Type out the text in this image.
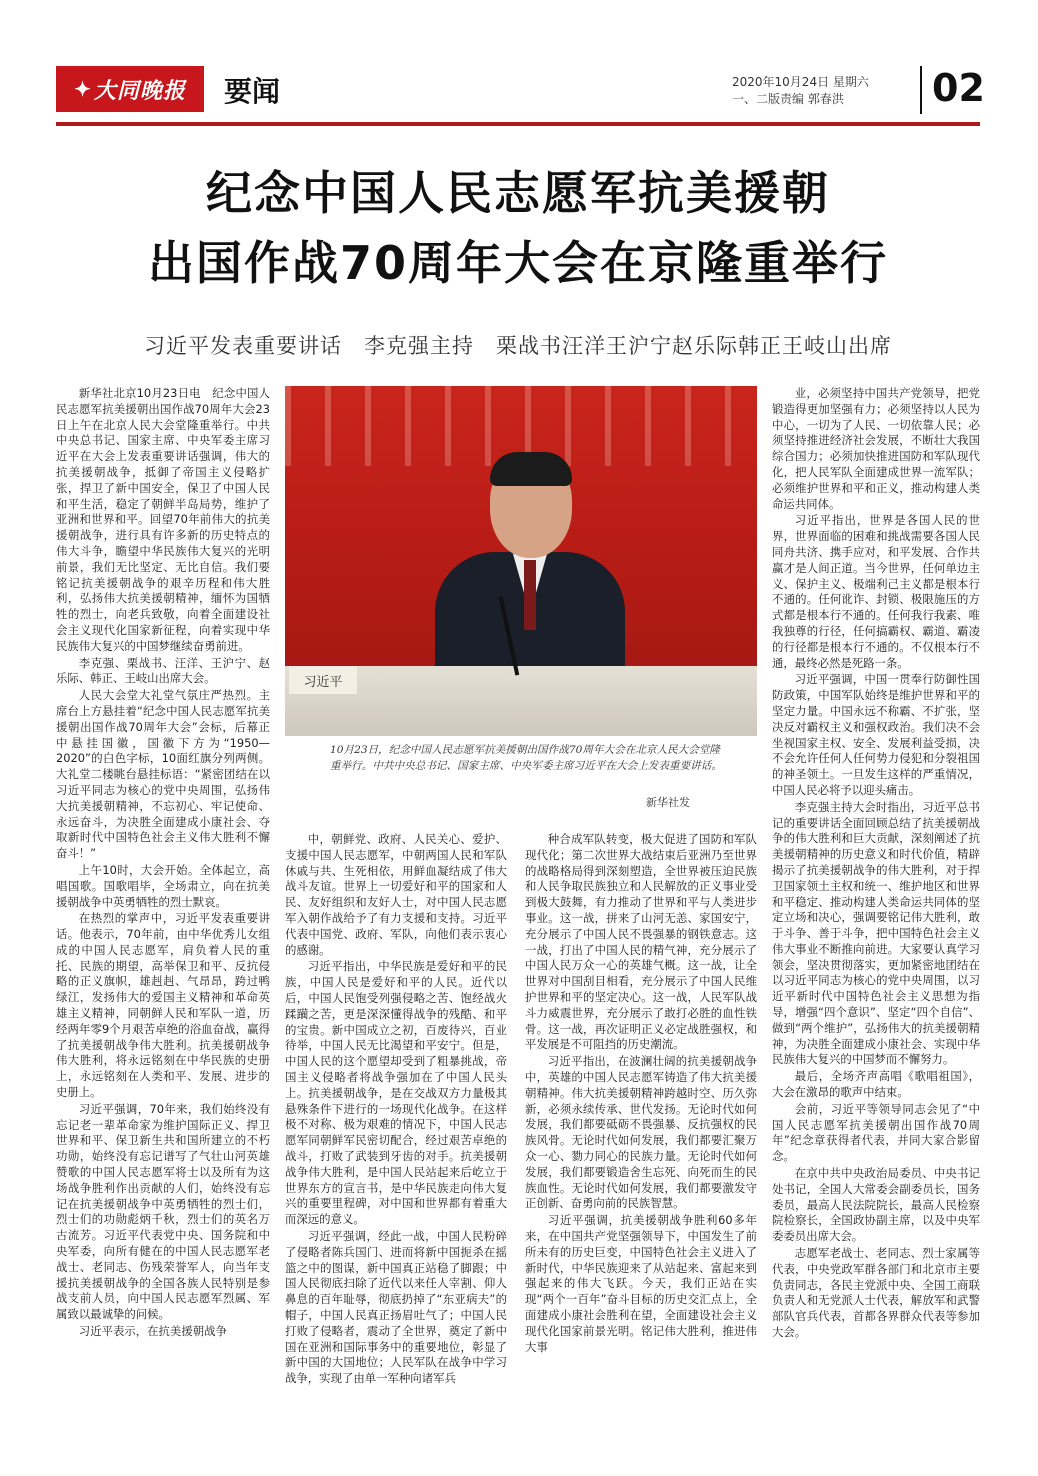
✦ 大同晚报 要闻	2020年10月24日 星期六
一、二版责编 郭春洪	02
纪念中国人民志愿军抗美援朝
出国作战70周年大会在京隆重举行
习近平发表重要讲话　李克强主持　栗战书汪洋王沪宁赵乐际韩正王岐山出席

新华社北京10月23日电　纪念中国人民志愿军抗美援朝出国作战70周年大会23日上午在北京人民大会堂隆重举行。中共中央总书记、国家主席、中央军委主席习近平在大会上发表重要讲话强调，伟大的抗美援朝战争，抵御了帝国主义侵略扩张，捍卫了新中国安全，保卫了中国人民和平生活，稳定了朝鲜半岛局势，维护了亚洲和世界和平。回望70年前伟大的抗美援朝战争，进行具有许多新的历史特点的伟大斗争，瞻望中华民族伟大复兴的光明前景，我们无比坚定、无比自信。我们要铭记抗美援朝战争的艰辛历程和伟大胜利，弘扬伟大抗美援朝精神，缅怀为国牺牲的烈士，向老兵致敬，向着全面建设社会主义现代化国家新征程，向着实现中华民族伟大复兴的中国梦继续奋勇前进。

李克强、栗战书、汪洋、王沪宁、赵乐际、韩正、王岐山出席大会。

人民大会堂大礼堂气氛庄严热烈。主席台上方悬挂着“纪念中国人民志愿军抗美援朝出国作战70周年大会”会标，后幕正中悬挂国徽，国徽下方为“1950—2020”的白色字标，10面红旗分列两侧。大礼堂二楼眺台悬挂标语：“紧密团结在以习近平同志为核心的党中央周围，弘扬伟大抗美援朝精神，不忘初心、牢记使命、永远奋斗，为决胜全面建成小康社会、夺取新时代中国特色社会主义伟大胜利不懈奋斗！”

上午10时，大会开始。全体起立，高唱国歌。国歌唱毕，全场肃立，向在抗美援朝战争中英勇牺牲的烈士默哀。

在热烈的掌声中，习近平发表重要讲话。他表示，70年前，由中华优秀儿女组成的中国人民志愿军，肩负着人民的重托、民族的期望，高举保卫和平、反抗侵略的正义旗帜，雄赳赳、气昂昂，跨过鸭绿江，发扬伟大的爱国主义精神和革命英雄主义精神，同朝鲜人民和军队一道，历经两年零9个月艰苦卓绝的浴血奋战，赢得了抗美援朝战争伟大胜利。抗美援朝战争伟大胜利，将永远铭刻在中华民族的史册上，永远铭刻在人类和平、发展、进步的史册上。

习近平强调，70年来，我们始终没有忘记老一辈革命家为维护国际正义、捍卫世界和平、保卫新生共和国所建立的不朽功勋，始终没有忘记谱写了气壮山河英雄赞歌的中国人民志愿军将士以及所有为这场战争胜利作出贡献的人们，始终没有忘记在抗美援朝战争中英勇牺牲的烈士们，烈士们的功勋彪炳千秋，烈士们的英名万古流芳。习近平代表党中央、国务院和中央军委，向所有健在的中国人民志愿军老战士、老同志、伤残荣誉军人，向当年支援抗美援朝战争的全国各族人民特别是参战支前人员，向中国人民志愿军烈属、军属致以最诚挚的问候。

习近平表示，在抗美援朝战争

习近平
10月23日，纪念中国人民志愿军抗美援朝出国作战70周年大会在北京人民大会堂隆重举行。中共中央总书记、国家主席、中央军委主席习近平在大会上发表重要讲话。
新华社发

中，朝鲜党、政府、人民关心、爱护、支援中国人民志愿军，中朝两国人民和军队休戚与共、生死相依，用鲜血凝结成了伟大战斗友谊。世界上一切爱好和平的国家和人民、友好组织和友好人士，对中国人民志愿军入朝作战给予了有力支援和支持。习近平代表中国党、政府、军队，向他们表示衷心的感谢。

习近平指出，中华民族是爱好和平的民族，中国人民是爱好和平的人民。近代以后，中国人民饱受列强侵略之苦、饱经战火蹂躏之苦，更是深深懂得战争的残酷、和平的宝贵。新中国成立之初，百废待兴，百业待举，中国人民无比渴望和平安宁。但是，中国人民的这个愿望却受到了粗暴挑战，帝国主义侵略者将战争强加在了中国人民头上。抗美援朝战争，是在交战双方力量极其悬殊条件下进行的一场现代化战争。在这样极不对称、极为艰难的情况下，中国人民志愿军同朝鲜军民密切配合，经过艰苦卓绝的战斗，打败了武装到牙齿的对手。抗美援朝战争伟大胜利，是中国人民站起来后屹立于世界东方的宣言书，是中华民族走向伟大复兴的重要里程碑，对中国和世界都有着重大而深远的意义。

习近平强调，经此一战，中国人民粉碎了侵略者陈兵国门、进而将新中国扼杀在摇篮之中的图谋，新中国真正站稳了脚跟；中国人民彻底扫除了近代以来任人宰割、仰人鼻息的百年耻辱，彻底扔掉了“东亚病夫”的帽子，中国人民真正扬眉吐气了；中国人民打败了侵略者，震动了全世界，奠定了新中国在亚洲和国际事务中的重要地位，彰显了新中国的大国地位；人民军队在战争中学习战争，实现了由单一军种向诸军兵

种合成军队转变，极大促进了国防和军队现代化；第二次世界大战结束后亚洲乃至世界的战略格局得到深刻塑造，全世界被压迫民族和人民争取民族独立和人民解放的正义事业受到极大鼓舞，有力推动了世界和平与人类进步事业。这一战，拼来了山河无恙、家国安宁，充分展示了中国人民不畏强暴的钢铁意志。这一战，打出了中国人民的精气神，充分展示了中国人民万众一心的英雄气概。这一战，让全世界对中国刮目相看，充分展示了中国人民维护世界和平的坚定决心。这一战，人民军队战斗力威震世界，充分展示了敢打必胜的血性铁骨。这一战，再次证明正义必定战胜强权，和平发展是不可阻挡的历史潮流。

习近平指出，在波澜壮阔的抗美援朝战争中，英雄的中国人民志愿军铸造了伟大抗美援朝精神。伟大抗美援朝精神跨越时空、历久弥新，必须永续传承、世代发扬。无论时代如何发展，我们都要砥砺不畏强暴、反抗强权的民族风骨。无论时代如何发展，我们都要汇聚万众一心、勠力同心的民族力量。无论时代如何发展，我们都要锻造舍生忘死、向死而生的民族血性。无论时代如何发展，我们都要激发守正创新、奋勇向前的民族智慧。

习近平强调，抗美援朝战争胜利60多年来，在中国共产党坚强领导下，中国发生了前所未有的历史巨变，中国特色社会主义进入了新时代，中华民族迎来了从站起来、富起来到强起来的伟大飞跃。今天，我们正站在实现“两个一百年”奋斗目标的历史交汇点上，全面建成小康社会胜利在望，全面建设社会主义现代化国家前景光明。铭记伟大胜利，推进伟大事

业，必须坚持中国共产党领导，把党锻造得更加坚强有力；必须坚持以人民为中心，一切为了人民、一切依靠人民；必须坚持推进经济社会发展，不断壮大我国综合国力；必须加快推进国防和军队现代化，把人民军队全面建成世界一流军队；必须维护世界和平和正义，推动构建人类命运共同体。

习近平指出，世界是各国人民的世界，世界面临的困难和挑战需要各国人民同舟共济、携手应对，和平发展、合作共赢才是人间正道。当今世界，任何单边主义、保护主义、极端利己主义都是根本行不通的。任何讹诈、封锁、极限施压的方式都是根本行不通的。任何我行我素、唯我独尊的行径，任何搞霸权、霸道、霸凌的行径都是根本行不通的。不仅根本行不通，最终必然是死路一条。

习近平强调，中国一贯奉行防御性国防政策，中国军队始终是维护世界和平的坚定力量。中国永远不称霸、不扩张，坚决反对霸权主义和强权政治。我们决不会坐视国家主权、安全、发展利益受损，决不会允许任何人任何势力侵犯和分裂祖国的神圣领土。一旦发生这样的严重情况，中国人民必将予以迎头痛击。

李克强主持大会时指出，习近平总书记的重要讲话全面回顾总结了抗美援朝战争的伟大胜利和巨大贡献，深刻阐述了抗美援朝精神的历史意义和时代价值，精辟揭示了抗美援朝战争的伟大胜利，对于捍卫国家领土主权和统一、维护地区和世界和平稳定、推动构建人类命运共同体的坚定立场和决心，强调要铭记伟大胜利，敢于斗争、善于斗争，把中国特色社会主义伟大事业不断推向前进。大家要认真学习领会，坚决贯彻落实，更加紧密地团结在以习近平同志为核心的党中央周围，以习近平新时代中国特色社会主义思想为指导，增强“四个意识”、坚定“四个自信”、做到“两个维护”，弘扬伟大的抗美援朝精神，为决胜全面建成小康社会、实现中华民族伟大复兴的中国梦而不懈努力。

最后，全场齐声高唱《歌唱祖国》，大会在激昂的歌声中结束。

会前，习近平等领导同志会见了“中国人民志愿军抗美援朝出国作战70周年”纪念章获得者代表，并同大家合影留念。

在京中共中央政治局委员、中央书记处书记，全国人大常委会副委员长，国务委员，最高人民法院院长，最高人民检察院检察长，全国政协副主席，以及中央军委委员出席大会。

志愿军老战士、老同志、烈士家属等代表，中央党政军群各部门和北京市主要负责同志，各民主党派中央、全国工商联负责人和无党派人士代表，解放军和武警部队官兵代表，首都各界群众代表等参加大会。
